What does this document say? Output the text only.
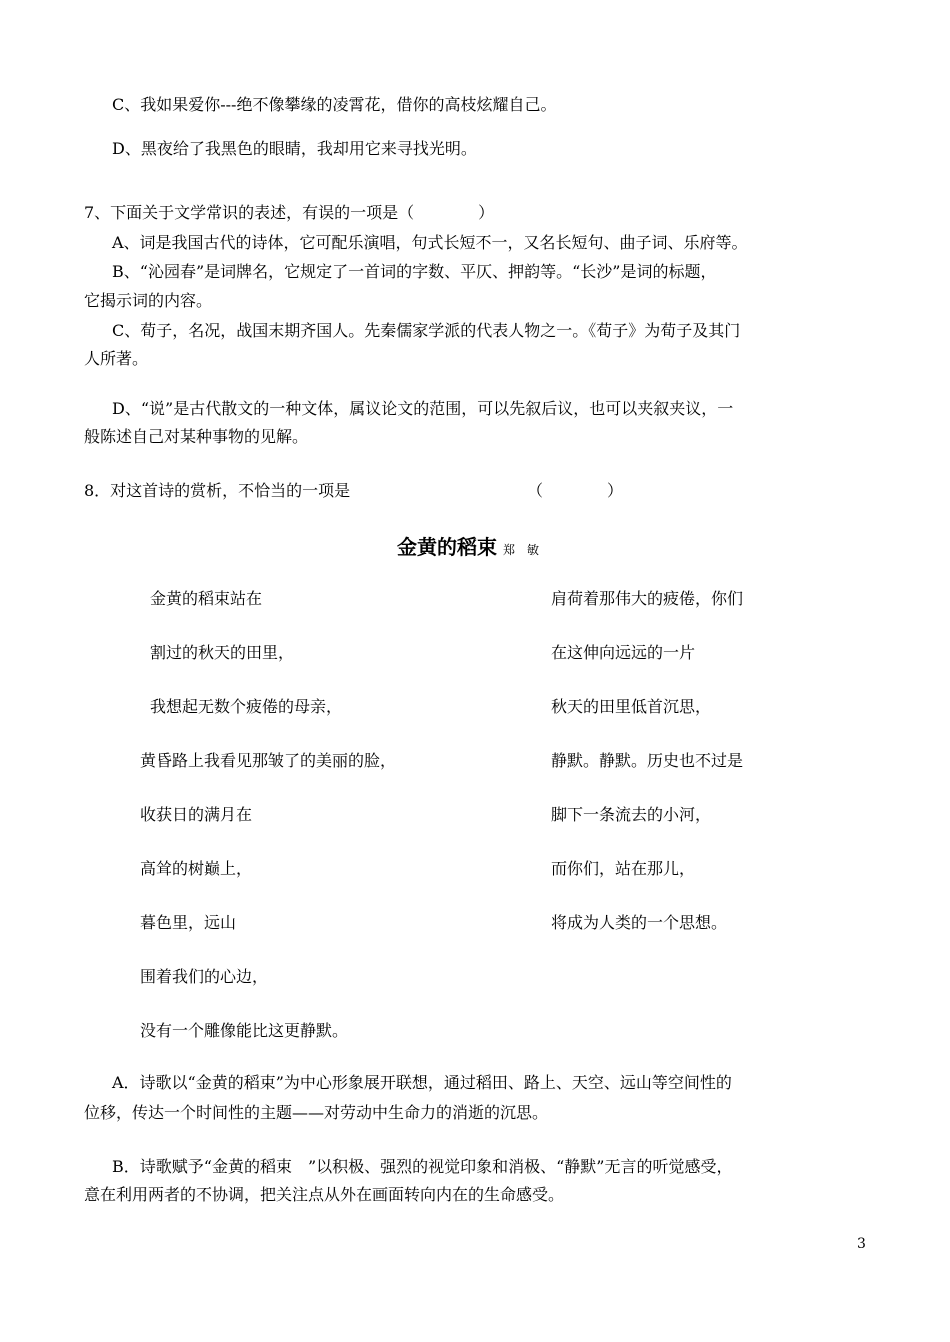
C、我如果爱你---绝不像攀缘的凌霄花，借你的高枝炫耀自己。
D、黑夜给了我黑色的眼睛，我却用它来寻找光明。
7、下面关于文学常识的表述，有误的一项是（　　　　）
A、词是我国古代的诗体，它可配乐演唱，句式长短不一，又名长短句、曲子词、乐府等。
B、“沁园春”是词牌名，它规定了一首词的字数、平仄、押韵等。“长沙”是词的标题，
它揭示词的内容。
C、荀子，名况，战国末期齐国人。先秦儒家学派的代表人物之一。《荀子》为荀子及其门
人所著。
D、“说”是古代散文的一种文体，属议论文的范围，可以先叙后议，也可以夹叙夹议，一
般陈述自己对某种事物的见解。
8．对这首诗的赏析，不恰当的一项是	（　　　　）
金黄的稻束 郑　敏
金黄的稻束站在
割过的秋天的田里，
我想起无数个疲倦的母亲，
黄昏路上我看见那皱了的美丽的脸，
收获日的满月在
高耸的树巅上，
暮色里，远山
围着我们的心边，
没有一个雕像能比这更静默。
肩荷着那伟大的疲倦，你们
在这伸向远远的一片
秋天的田里低首沉思，
静默。静默。历史也不过是
脚下一条流去的小河，
而你们，站在那儿，
将成为人类的一个思想。
A．诗歌以“金黄的稻束”为中心形象展开联想，通过稻田、路上、天空、远山等空间性的
位移，传达一个时间性的主题——对劳动中生命力的消逝的沉思。
B．诗歌赋予“金黄的稻束　”以积极、强烈的视觉印象和消极、“静默”无言的听觉感受，
意在利用两者的不协调，把关注点从外在画面转向内在的生命感受。
3
